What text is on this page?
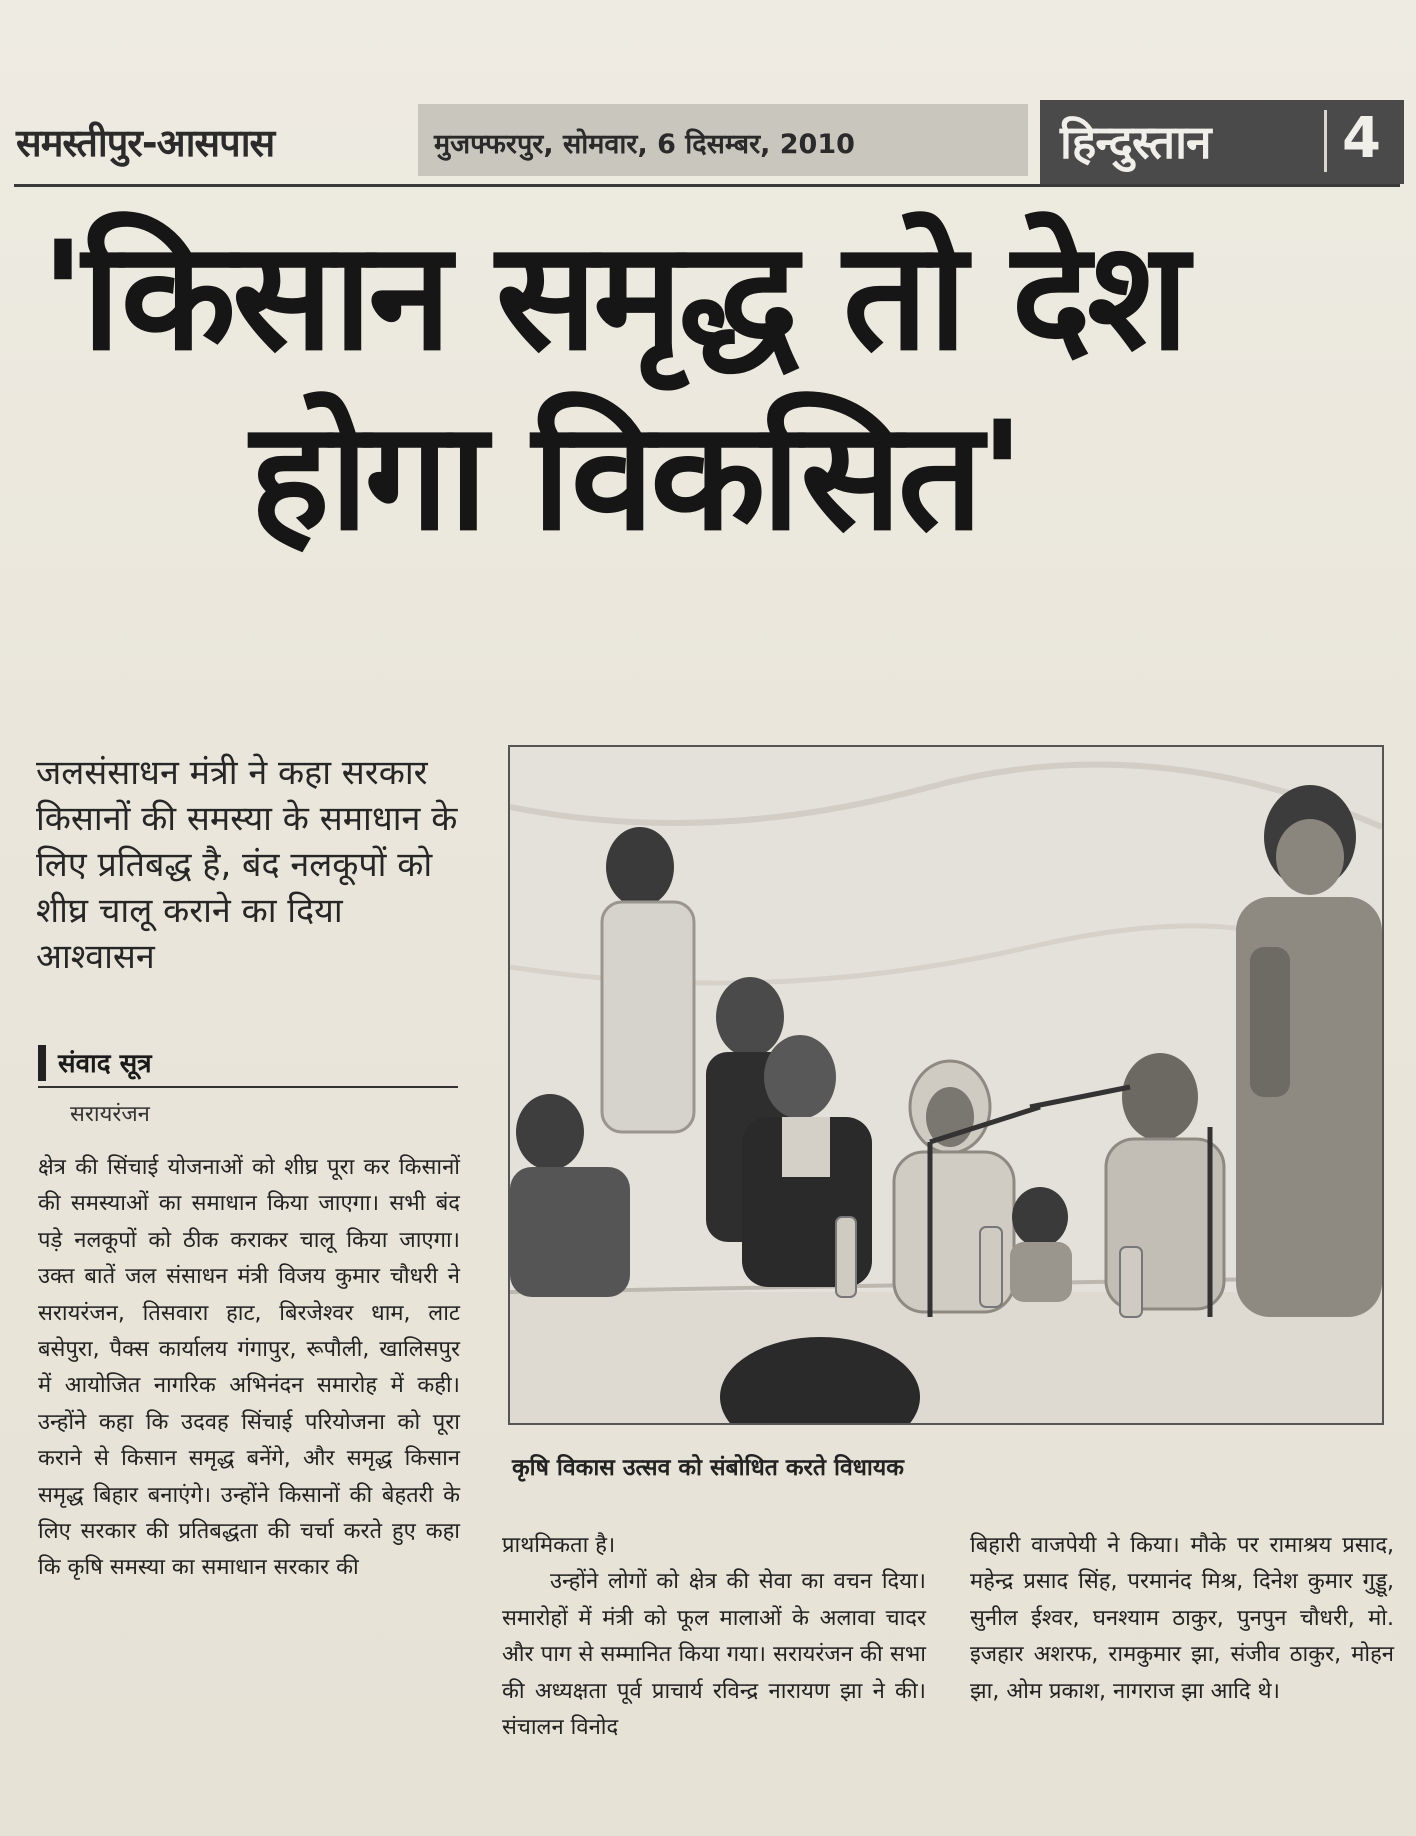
समस्तीपुर-आसपास	मुजफ्फरपुर, सोमवार, 6 दिसम्बर, 2010	हिन्दुस्तान 4
'किसान समृद्ध तो देश
होगा विकसित'
जलसंसाधन मंत्री ने कहा सरकार किसानों की समस्या के समाधान के लिए प्रतिबद्ध है, बंद नलकूपों को शीघ्र चालू कराने का दिया आश्वासन
संवाद सूत्र
सरायरंजन
क्षेत्र की सिंचाई योजनाओं को शीघ्र पूरा कर किसानों की समस्याओं का समाधान किया जाएगा। सभी बंद पड़े नलकूपों को ठीक कराकर चालू किया जाएगा। उक्त बातें जल संसाधन मंत्री विजय कुमार चौधरी ने सरायरंजन, तिसवारा हाट, बिरजेश्वर धाम, लाट बसेपुरा, पैक्स कार्यालय गंगापुर, रूपौली, खालिसपुर में आयोजित नागरिक अभिनंदन समारोह में कही। उन्होंने कहा कि उदवह सिंचाई परियोजना को पूरा कराने से किसान समृद्ध बनेंगे, और समृद्ध किसान समृद्ध बिहार बनाएंगे। उन्होंने किसानों की बेहतरी के लिए सरकार की प्रतिबद्धता की चर्चा करते हुए कहा कि कृषि समस्या का समाधान सरकार की
कृषि विकास उत्सव को संबोधित करते विधायक
प्राथमिकता है।
उन्होंने लोगों को क्षेत्र की सेवा का वचन दिया। समारोहों में मंत्री को फूल मालाओं के अलावा चादर और पाग से सम्मानित किया गया। सरायरंजन की सभा की अध्यक्षता पूर्व प्राचार्य रविन्द्र नारायण झा ने की। संचालन विनोद
बिहारी वाजपेयी ने किया। मौके पर रामाश्रय प्रसाद, महेन्द्र प्रसाद सिंह, परमानंद मिश्र, दिनेश कुमार गुड्डू, सुनील ईश्वर, घनश्याम ठाकुर, पुनपुन चौधरी, मो. इजहार अशरफ, रामकुमार झा, संजीव ठाकुर, मोहन झा, ओम प्रकाश, नागराज झा आदि थे।
